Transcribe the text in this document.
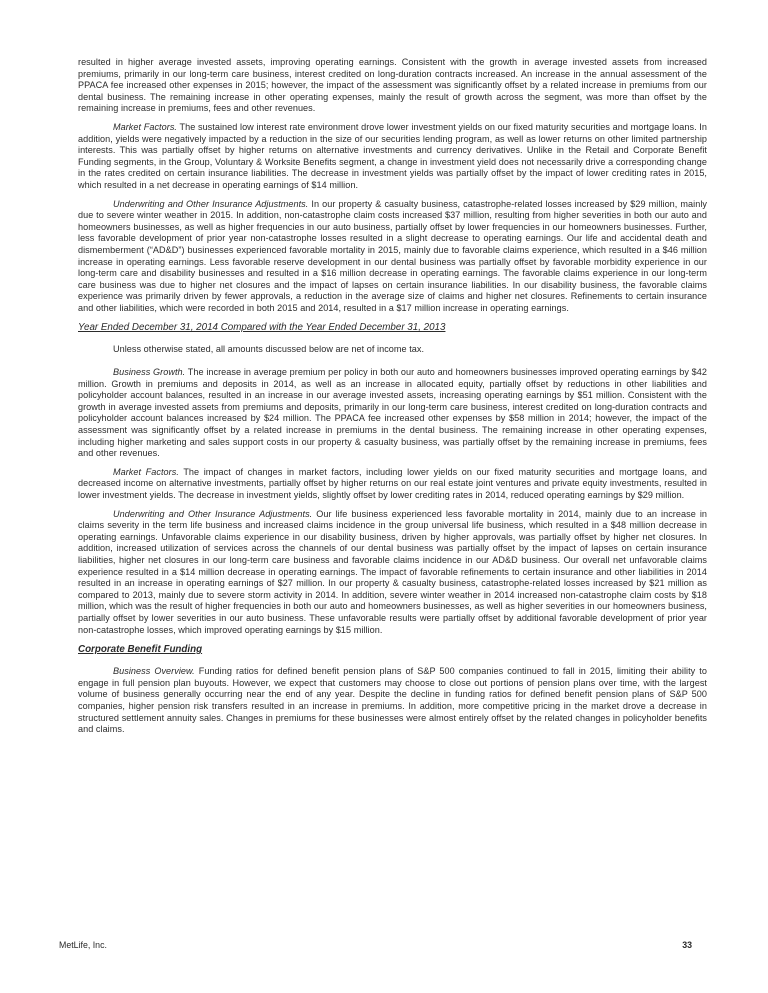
resulted in higher average invested assets, improving operating earnings. Consistent with the growth in average invested assets from increased premiums, primarily in our long-term care business, interest credited on long-duration contracts increased. An increase in the annual assessment of the PPACA fee increased other expenses in 2015; however, the impact of the assessment was significantly offset by a related increase in premiums from our dental business. The remaining increase in other operating expenses, mainly the result of growth across the segment, was more than offset by the remaining increase in premiums, fees and other revenues.

Market Factors. The sustained low interest rate environment drove lower investment yields on our fixed maturity securities and mortgage loans. In addition, yields were negatively impacted by a reduction in the size of our securities lending program, as well as lower returns on other limited partnership interests. This was partially offset by higher returns on alternative investments and currency derivatives. Unlike in the Retail and Corporate Benefit Funding segments, in the Group, Voluntary & Worksite Benefits segment, a change in investment yield does not necessarily drive a corresponding change in the rates credited on certain insurance liabilities. The decrease in investment yields was partially offset by the impact of lower crediting rates in 2015, which resulted in a net decrease in operating earnings of $14 million.

Underwriting and Other Insurance Adjustments. In our property & casualty business, catastrophe-related losses increased by $29 million, mainly due to severe winter weather in 2015. In addition, non-catastrophe claim costs increased $37 million, resulting from higher severities in both our auto and homeowners businesses, as well as higher frequencies in our auto business, partially offset by lower frequencies in our homeowners businesses. Further, less favorable development of prior year non-catastrophe losses resulted in a slight decrease to operating earnings. Our life and accidental death and dismemberment (“AD&D”) businesses experienced favorable mortality in 2015, mainly due to favorable claims experience, which resulted in a $46 million increase in operating earnings. Less favorable reserve development in our dental business was partially offset by favorable morbidity experience in our long-term care and disability businesses and resulted in a $16 million decrease in operating earnings. The favorable claims experience in our long-term care business was due to higher net closures and the impact of lapses on certain insurance liabilities. In our disability business, the favorable claims experience was primarily driven by fewer approvals, a reduction in the average size of claims and higher net closures. Refinements to certain insurance and other liabilities, which were recorded in both 2015 and 2014, resulted in a $17 million increase in operating earnings.

Year Ended December 31, 2014 Compared with the Year Ended December 31, 2013

Unless otherwise stated, all amounts discussed below are net of income tax.

Business Growth. The increase in average premium per policy in both our auto and homeowners businesses improved operating earnings by $42 million. Growth in premiums and deposits in 2014, as well as an increase in allocated equity, partially offset by reductions in other liabilities and policyholder account balances, resulted in an increase in our average invested assets, increasing operating earnings by $51 million. Consistent with the growth in average invested assets from premiums and deposits, primarily in our long-term care business, interest credited on long-duration contracts and policyholder account balances increased by $24 million. The PPACA fee increased other expenses by $58 million in 2014; however, the impact of the assessment was significantly offset by a related increase in premiums in the dental business. The remaining increase in other operating expenses, including higher marketing and sales support costs in our property & casualty business, was partially offset by the remaining increase in premiums, fees and other revenues.

Market Factors. The impact of changes in market factors, including lower yields on our fixed maturity securities and mortgage loans, and decreased income on alternative investments, partially offset by higher returns on our real estate joint ventures and private equity investments, resulted in lower investment yields. The decrease in investment yields, slightly offset by lower crediting rates in 2014, reduced operating earnings by $29 million.

Underwriting and Other Insurance Adjustments. Our life business experienced less favorable mortality in 2014, mainly due to an increase in claims severity in the term life business and increased claims incidence in the group universal life business, which resulted in a $48 million decrease in operating earnings. Unfavorable claims experience in our disability business, driven by higher approvals, was partially offset by higher net closures. In addition, increased utilization of services across the channels of our dental business was partially offset by the impact of lapses on certain insurance liabilities, higher net closures in our long-term care business and favorable claims incidence in our AD&D business. Our overall net unfavorable claims experience resulted in a $14 million decrease in operating earnings. The impact of favorable refinements to certain insurance and other liabilities in 2014 resulted in an increase in operating earnings of $27 million. In our property & casualty business, catastrophe-related losses increased by $21 million as compared to 2013, mainly due to severe storm activity in 2014. In addition, severe winter weather in 2014 increased non-catastrophe claim costs by $18 million, which was the result of higher frequencies in both our auto and homeowners businesses, as well as higher severities in our homeowners business, partially offset by lower severities in our auto business. These unfavorable results were partially offset by additional favorable development of prior year non-catastrophe losses, which improved operating earnings by $15 million.

Corporate Benefit Funding

Business Overview. Funding ratios for defined benefit pension plans of S&P 500 companies continued to fall in 2015, limiting their ability to engage in full pension plan buyouts. However, we expect that customers may choose to close out portions of pension plans over time, with the largest volume of business generally occurring near the end of any year. Despite the decline in funding ratios for defined benefit pension plans of S&P 500 companies, higher pension risk transfers resulted in an increase in premiums. In addition, more competitive pricing in the market drove a decrease in structured settlement annuity sales. Changes in premiums for these businesses were almost entirely offset by the related changes in policyholder benefits and claims.

MetLife, Inc.	33
